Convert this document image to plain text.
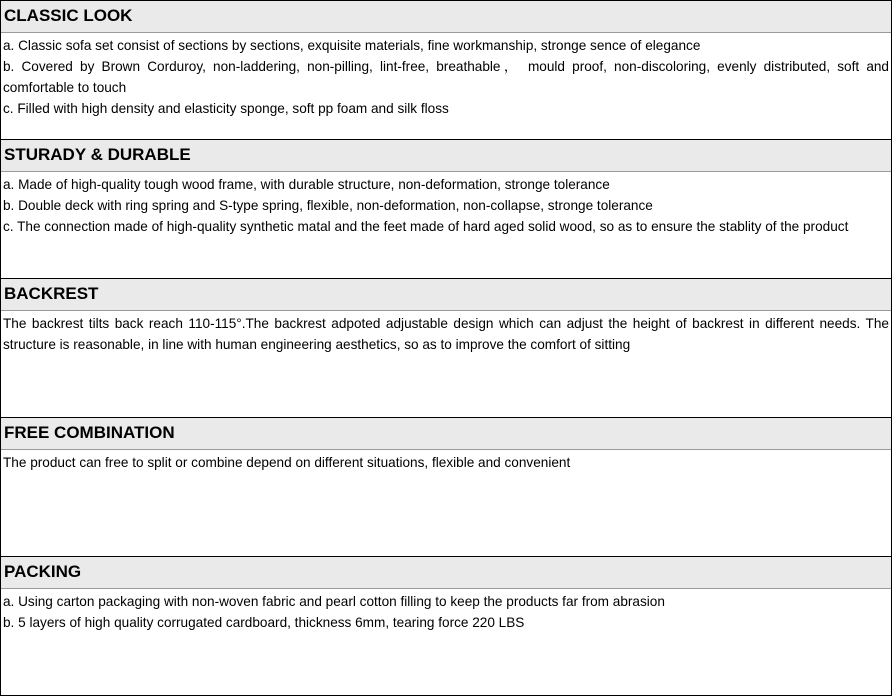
CLASSIC LOOK
a. Classic sofa set consist of sections by sections, exquisite materials, fine workmanship, stronge sence of elegance
b. Covered by Brown Corduroy, non-laddering, non-pilling, lint-free, breathable， mould proof, non-discoloring, evenly distributed, soft and comfortable to touch
c. Filled with high density and elasticity sponge, soft pp foam and silk floss
STURADY & DURABLE
a. Made of high-quality tough wood frame, with durable structure, non-deformation, stronge tolerance
b. Double deck with ring spring and S-type spring, flexible, non-deformation, non-collapse, stronge tolerance
c. The connection made of high-quality synthetic matal and the feet made of hard aged solid wood, so as to ensure the stablity of the product
BACKREST
The backrest tilts back reach 110-115°.The backrest adpoted adjustable design which can adjust the height of backrest in different needs. The structure is reasonable, in line with human engineering aesthetics, so as to improve the comfort of sitting
FREE COMBINATION
The product can free to split or combine depend on different situations, flexible and convenient
PACKING
a. Using carton packaging with non-woven fabric and pearl cotton filling to keep the products far from abrasion
b. 5 layers of high quality corrugated cardboard, thickness 6mm, tearing force 220 LBS
